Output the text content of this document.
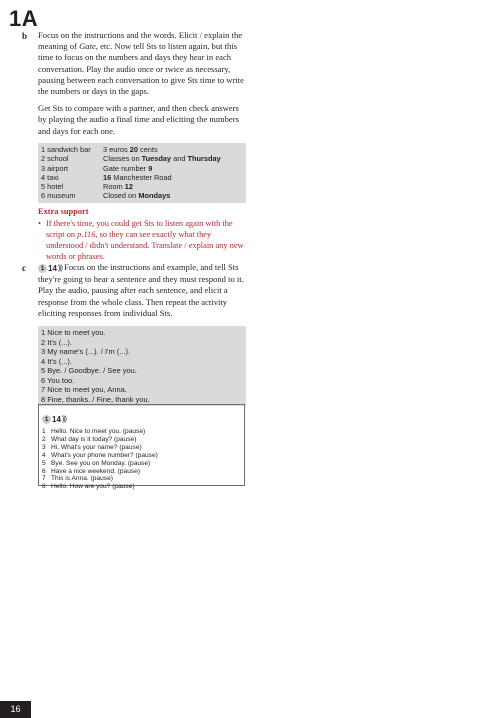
1A
b Focus on the instructions and the words. Elicit / explain the meaning of Gate, etc. Now tell Sts to listen again, but this time to focus on the numbers and days they hear in each conversation. Play the audio once or twice as necessary, pausing between each conversation to give Sts time to write the numbers or days in the gaps.

Get Sts to compare with a partner, and then check answers by playing the audio a final time and eliciting the numbers and days for each one.

1 sandwich bar	3 euros 20 cents
2 school	Classes on Tuesday and Thursday
3 airport	Gate number 9
4 taxi	16 Manchester Road
5 hotel	Room 12
6 museum	Closed on Mondays
Extra support
• If there's time, you could get Sts to listen again with the script on p.116, so they can see exactly what they understood / didn't understand. Translate / explain any new words or phrases.
c	1 14 ))) Focus on the instructions and example, and tell Sts they're going to hear a sentence and they must respond to it. Play the audio, pausing after each sentence, and elicit a response from the whole class. Then repeat the activity eliciting responses from individual Sts.

1 Nice to meet you.
2 It's (...).
3 My name's (...). / I'm (...).
4 It's (...).
5 Bye. / Goodbye. / See you.
6 You too.
7 Nice to meet you, Anna.
8 Fine, thanks. / Fine, thank you.
1 14 )))
1 Hello. Nice to meet you. (pause)
2 What day is it today? (pause)
3 Hi. What's your name? (pause)
4 What's your phone number? (pause)
5 Bye. See you on Monday. (pause)
6 Have a nice weekend. (pause)
7 This is Anna. (pause)
8 Hello. How are you? (pause)
16
